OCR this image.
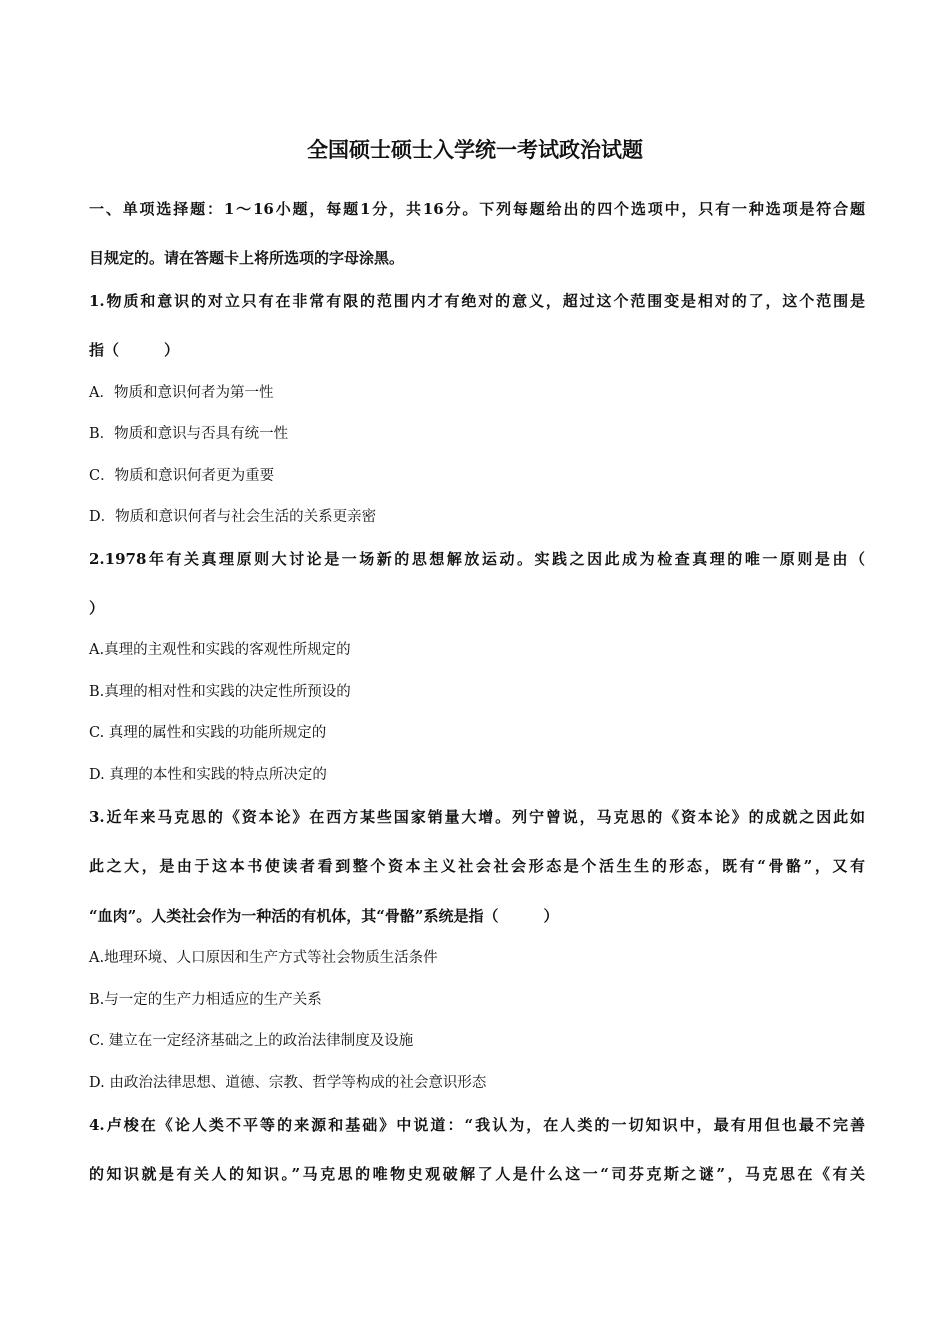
全国硕士硕士入学统一考试政治试题
一、单项选择题：1～16小题，每题1分，共16分。下列每题给出的四个选项中，只有一种选项是符合题
目规定的。请在答题卡上将所选项的字母涂黑。
1.物质和意识的对立只有在非常有限的范围内才有绝对的意义，超过这个范围变是相对的了，这个范围是
指（　　　）
A．物质和意识何者为第一性
B．物质和意识与否具有统一性
C．物质和意识何者更为重要
D．物质和意识何者与社会生活的关系更亲密
2.1978年有关真理原则大讨论是一场新的思想解放运动。实践之因此成为检查真理的唯一原则是由（
）
A.真理的主观性和实践的客观性所规定的
B.真理的相对性和实践的决定性所预设的
C. 真理的属性和实践的功能所规定的
D. 真理的本性和实践的特点所决定的
3.近年来马克思的《资本论》在西方某些国家销量大增。列宁曾说，马克思的《资本论》的成就之因此如
此之大，是由于这本书使读者看到整个资本主义社会社会形态是个活生生的形态，既有“骨骼”，又有
“血肉”。人类社会作为一种活的有机体，其“骨骼”系统是指（　　　）
A.地理环境、人口原因和生产方式等社会物质生活条件
B.与一定的生产力相适应的生产关系
C. 建立在一定经济基础之上的政治法律制度及设施
D. 由政治法律思想、道德、宗教、哲学等构成的社会意识形态
4.卢梭在《论人类不平等的来源和基础》中说道：“我认为，在人类的一切知识中，最有用但也最不完善
的知识就是有关人的知识。”马克思的唯物史观破解了人是什么这一“司芬克斯之谜”，马克思在《有关
